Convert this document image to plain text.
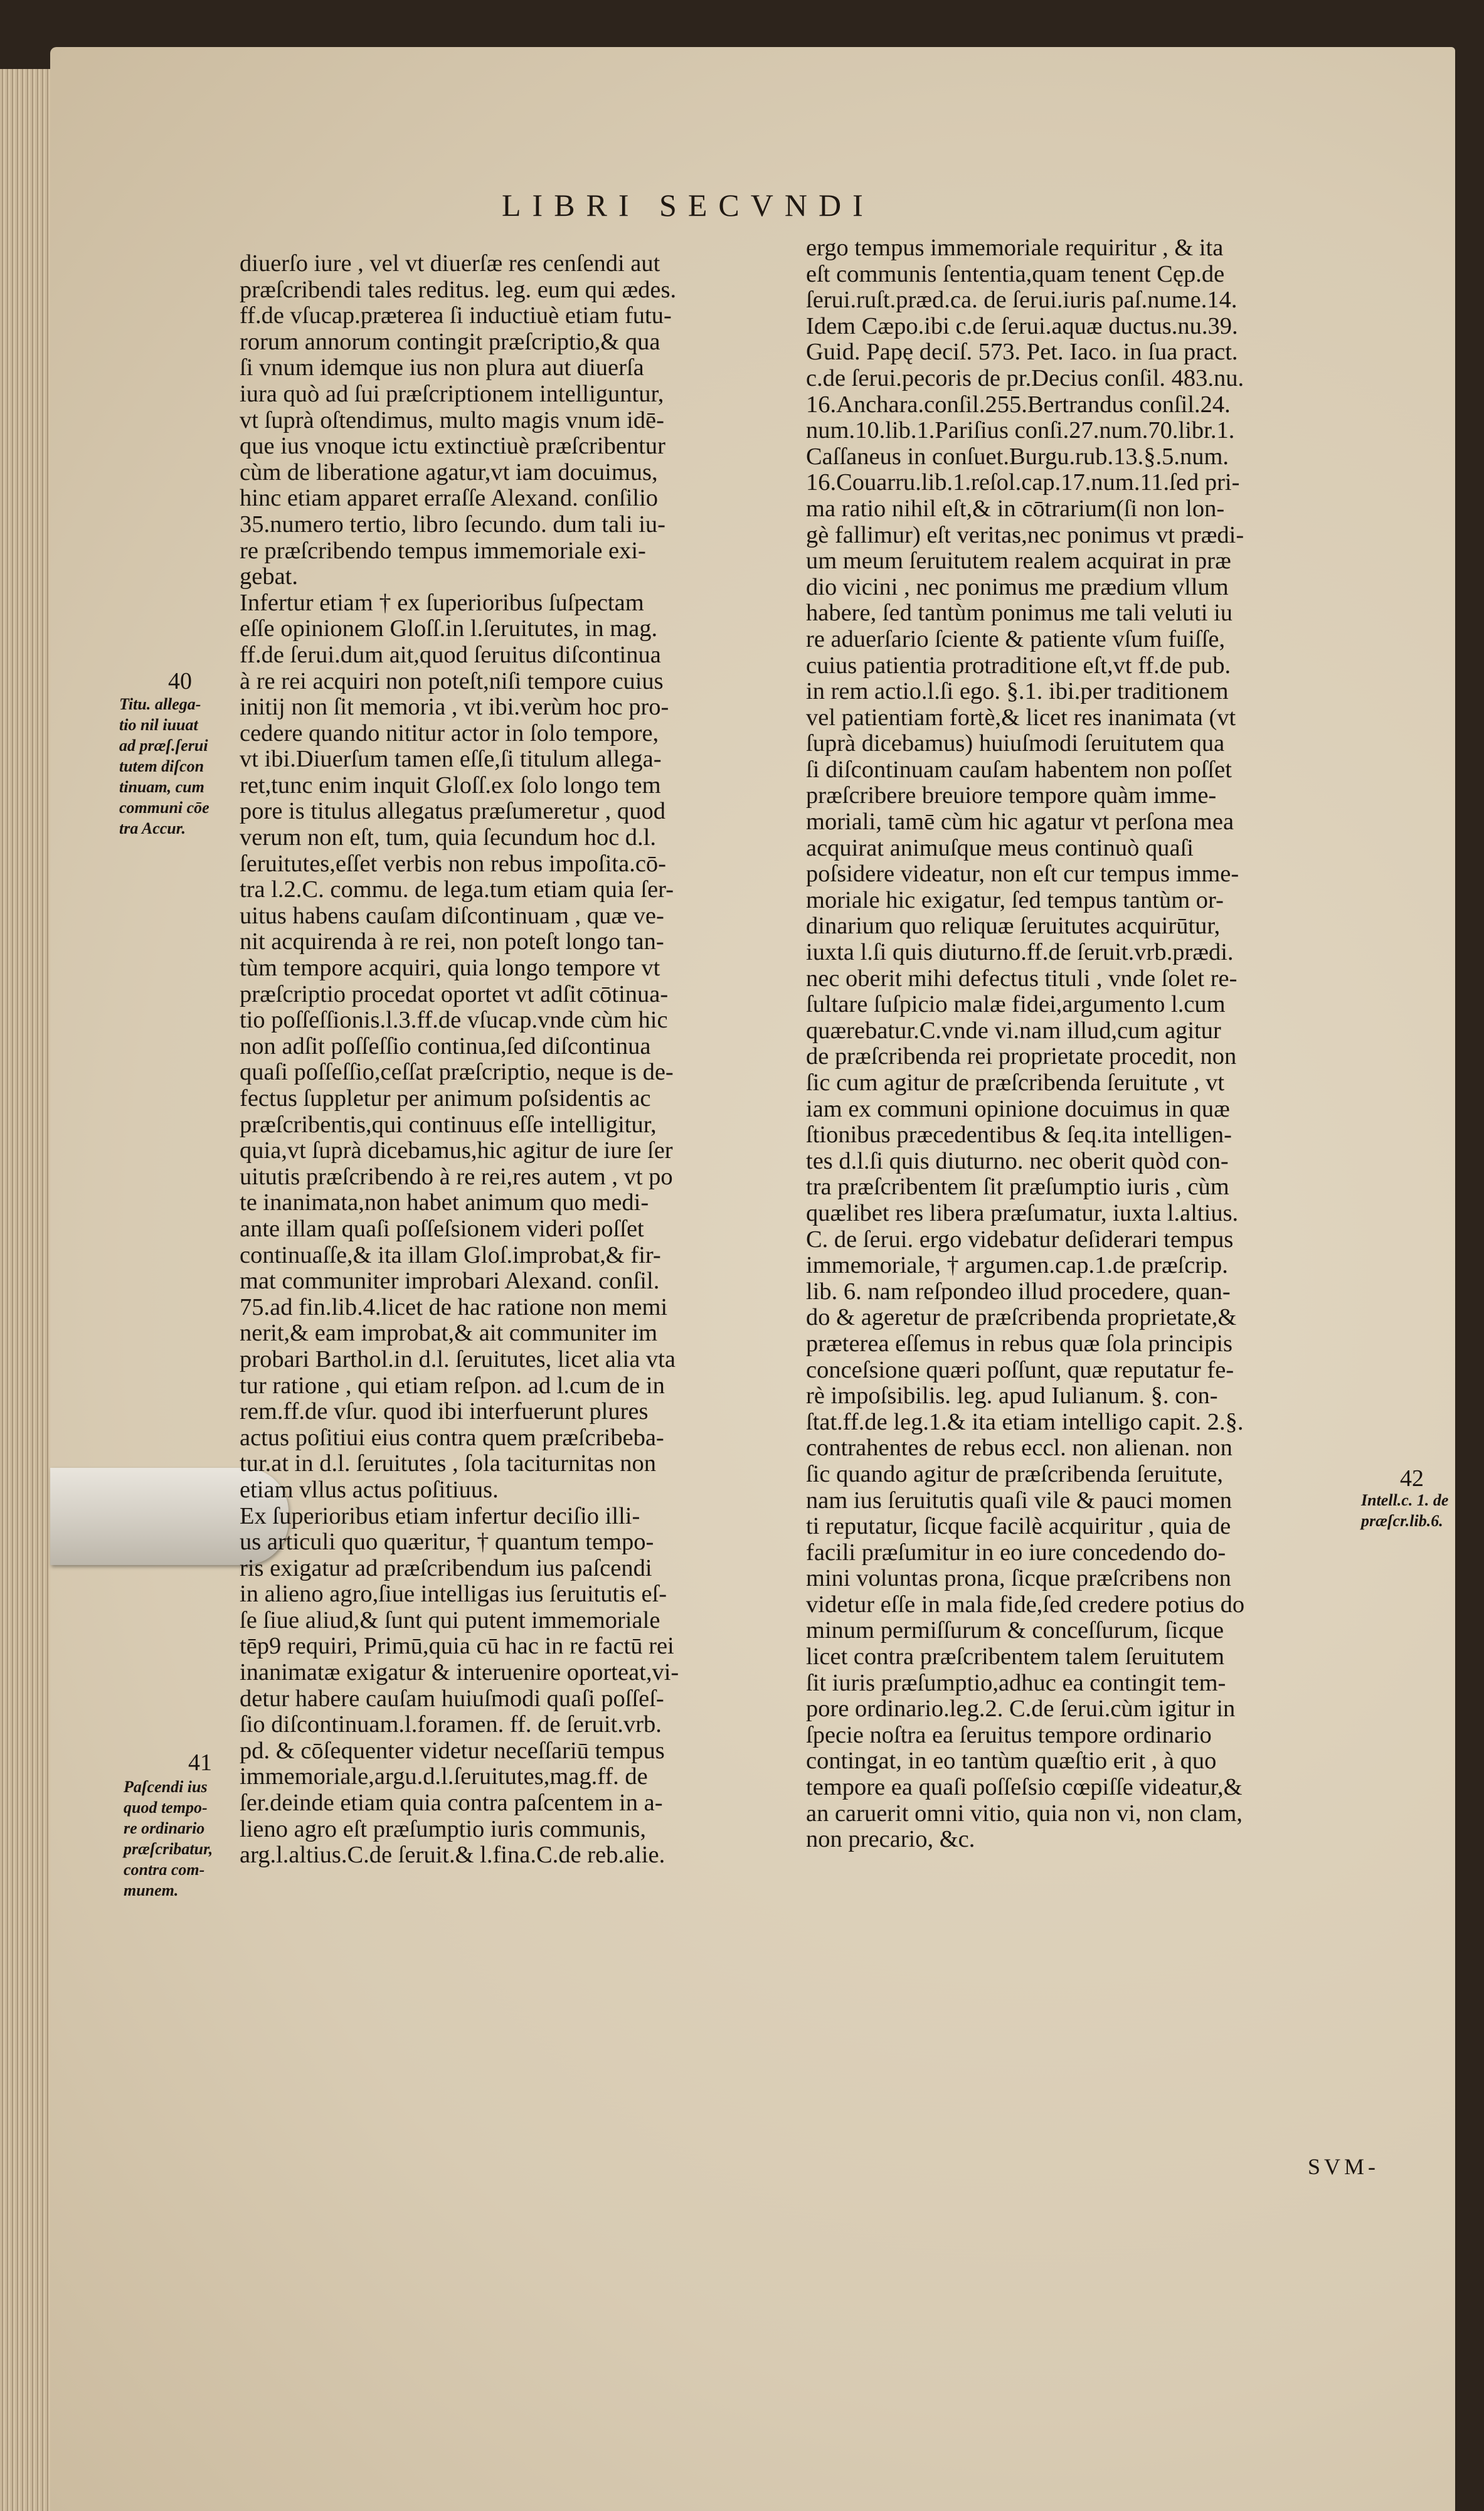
LIBRI SECVNDI
diuerſo iure , vel vt diuerſæ res cenſendi aut
præſcribendi tales reditus. leg. eum qui ædes.
ff.de vſucap.præterea ſi inductiuè etiam futu-
rorum annorum contingit præſcriptio,& qua
ſi vnum idemque ius non plura aut diuerſa
iura quò ad ſui præſcriptionem intelliguntur,
vt ſuprà oſtendimus, multo magis vnum idē-
que ius vnoque ictu extinctiuè præſcribentur
cùm de liberatione agatur,vt iam docuimus,
hinc etiam apparet erraſſe Alexand. conſilio
35.numero tertio, libro ſecundo. dum tali iu-
re præſcribendo tempus immemoriale exi-
gebat.
Infertur etiam † ex ſuperioribus ſuſpectam
eſſe opinionem Gloſſ.in l.ſeruitutes, in mag.
ff.de ſerui.dum ait,quod ſeruitus diſcontinua
à re rei acquiri non poteſt,niſi tempore cuius
initij non ſit memoria , vt ibi.verùm hoc pro-
cedere quando nititur actor in ſolo tempore,
vt ibi.Diuerſum tamen eſſe,ſi titulum allega-
ret,tunc enim inquit Gloſſ.ex ſolo longo tem
pore is titulus allegatus præſumeretur , quod
verum non eſt, tum, quia ſecundum hoc d.l.
ſeruitutes,eſſet verbis non rebus impoſita.cō-
tra l.2.C. commu. de lega.tum etiam quia ſer-
uitus habens cauſam diſcontinuam , quæ ve-
nit acquirenda à re rei, non poteſt longo tan-
tùm tempore acquiri, quia longo tempore vt
præſcriptio procedat oportet vt adſit cōtinua-
tio poſſeſſionis.l.3.ff.de vſucap.vnde cùm hic
non adſit poſſeſſio continua,ſed diſcontinua
quaſi poſſeſſio,ceſſat præſcriptio, neque is de-
fectus ſuppletur per animum poſsidentis ac
præſcribentis,qui continuus eſſe intelligitur,
quia,vt ſuprà dicebamus,hic agitur de iure ſer
uitutis præſcribendo à re rei,res autem , vt po
te inanimata,non habet animum quo medi-
ante illam quaſi poſſeſsionem videri poſſet
continuaſſe,& ita illam Gloſ.improbat,& fir-
mat communiter improbari Alexand. conſil.
75.ad fin.lib.4.licet de hac ratione non memi
nerit,& eam improbat,& ait communiter im
probari Barthol.in d.l. ſeruitutes, licet alia vta
tur ratione , qui etiam reſpon. ad l.cum de in
rem.ff.de vſur. quod ibi interfuerunt plures
actus poſitiui eius contra quem præſcribeba-
tur.at in d.l. ſeruitutes , ſola taciturnitas non
etiam vllus actus poſitiuus.
Ex ſuperioribus etiam infertur deciſio illi-
us articuli quo quæritur, † quantum tempo-
ris exigatur ad præſcribendum ius paſcendi
in alieno agro,ſiue intelligas ius ſeruitutis eſ-
ſe ſiue aliud,& ſunt qui putent immemoriale
tēp9 requiri, Primū,quia cū hac in re factū rei
inanimatæ exigatur & interuenire oporteat,vi-
detur habere cauſam huiuſmodi quaſi poſſeſ-
ſio diſcontinuam.l.foramen. ff. de ſeruit.vrb.
pd. & cōſequenter videtur neceſſariū tempus
immemoriale,argu.d.l.ſeruitutes,mag.ff. de
ſer.deinde etiam quia contra paſcentem in a-
lieno agro eſt præſumptio iuris communis,
arg.l.altius.C.de ſeruit.& l.fina.C.de reb.alie.
ergo tempus immemoriale requiritur , & ita
eſt communis ſententia,quam tenent Cęp.de
ſerui.ruſt.præd.ca. de ſerui.iuris paſ.nume.14.
Idem Cæpo.ibi c.de ſerui.aquæ ductus.nu.39.
Guid. Papę deciſ. 573. Pet. Iaco. in ſua pract.
c.de ſerui.pecoris de pr.Decius conſil. 483.nu.
16.Anchara.conſil.255.Bertrandus conſil.24.
num.10.lib.1.Pariſius conſi.27.num.70.libr.1.
Caſſaneus in conſuet.Burgu.rub.13.§.5.num.
16.Couarru.lib.1.reſol.cap.17.num.11.ſed pri-
ma ratio nihil eſt,& in cōtrarium(ſi non lon-
gè fallimur) eſt veritas,nec ponimus vt prædi-
um meum ſeruitutem realem acquirat in præ
dio vicini , nec ponimus me prædium vllum
habere, ſed tantùm ponimus me tali veluti iu
re aduerſario ſciente & patiente vſum fuiſſe,
cuius patientia protraditione eſt,vt ff.de pub.
in rem actio.l.ſi ego. §.1. ibi.per traditionem
vel patientiam fortè,& licet res inanimata (vt
ſuprà dicebamus) huiuſmodi ſeruitutem qua
ſi diſcontinuam cauſam habentem non poſſet
præſcribere breuiore tempore quàm imme-
moriali, tamē cùm hic agatur vt perſona mea
acquirat animuſque meus continuò quaſi
poſsidere videatur, non eſt cur tempus imme-
moriale hic exigatur, ſed tempus tantùm or-
dinarium quo reliquæ ſeruitutes acquirūtur,
iuxta l.ſi quis diuturno.ff.de ſeruit.vrb.prædi.
nec oberit mihi defectus tituli , vnde ſolet re-
ſultare ſuſpicio malæ fidei,argumento l.cum
quærebatur.C.vnde vi.nam illud,cum agitur
de præſcribenda rei proprietate procedit, non
ſic cum agitur de præſcribenda ſeruitute , vt
iam ex communi opinione docuimus in quæ
ſtionibus præcedentibus & ſeq.ita intelligen-
tes d.l.ſi quis diuturno. nec oberit quòd con-
tra præſcribentem ſit præſumptio iuris , cùm
quælibet res libera præſumatur, iuxta l.altius.
C. de ſerui. ergo videbatur deſiderari tempus
immemoriale, † argumen.cap.1.de præſcrip.
lib. 6. nam reſpondeo illud procedere, quan-
do & ageretur de præſcribenda proprietate,&
præterea eſſemus in rebus quæ ſola principis
conceſsione quæri poſſunt, quæ reputatur fe-
rè impoſsibilis. leg. apud Iulianum. §. con-
ſtat.ff.de leg.1.& ita etiam intelligo capit. 2.§.
contrahentes de rebus eccl. non alienan. non
ſic quando agitur de præſcribenda ſeruitute,
nam ius ſeruitutis quaſi vile & pauci momen
ti reputatur, ſicque facilè acquiritur , quia de
facili præſumitur in eo iure concedendo do-
mini voluntas prona, ſicque præſcribens non
videtur eſſe in mala fide,ſed credere potius do
minum permiſſurum & conceſſurum, ſicque
licet contra præſcribentem talem ſeruitutem
ſit iuris præſumptio,adhuc ea contingit tem-
pore ordinario.leg.2. C.de ſerui.cùm igitur in
ſpecie noſtra ea ſeruitus tempore ordinario
contingat, in eo tantùm quæſtio erit , à quo
tempore ea quaſi poſſeſsio cœpiſſe videatur,&
an caruerit omni vitio, quia non vi, non clam,
non precario, &c.
40
Titu. allega-
tio nil iuuat
ad præſ.ſerui
tutem diſcon
tinuam, cum
communi cōe
tra Accur.
41
Paſcendi ius
quod tempo-
re ordinario
præſcribatur,
contra com-
munem.
42
Intell.c. 1. de
præſcr.lib.6.
SVM-
